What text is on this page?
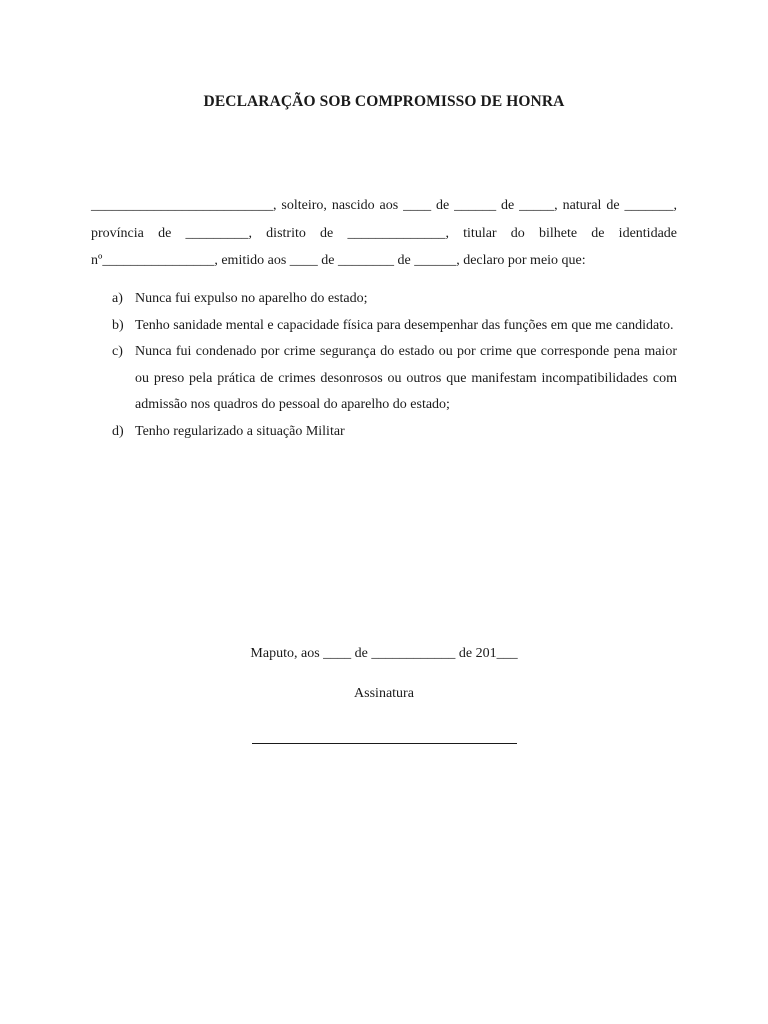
DECLARAÇÃO SOB COMPROMISSO DE HONRA

__________________________, solteiro, nascido aos ____ de ______ de _____, natural de _______, província de _________, distrito de ______________, titular do bilhete de identidade nº________________, emitido aos ____ de ________ de ______, declaro por meio que:

a) Nunca fui expulso no aparelho do estado;
b) Tenho sanidade mental e capacidade física para desempenhar das funções em que me candidato.
c) Nunca fui condenado por crime segurança do estado ou por crime que corresponde pena maior ou preso pela prática de crimes desonrosos ou outros que manifestam incompatibilidades com admissão nos quadros do pessoal do aparelho do estado;
d) Tenho regularizado a situação Militar
Maputo, aos ____ de ____________ de 201___
Assinatura
